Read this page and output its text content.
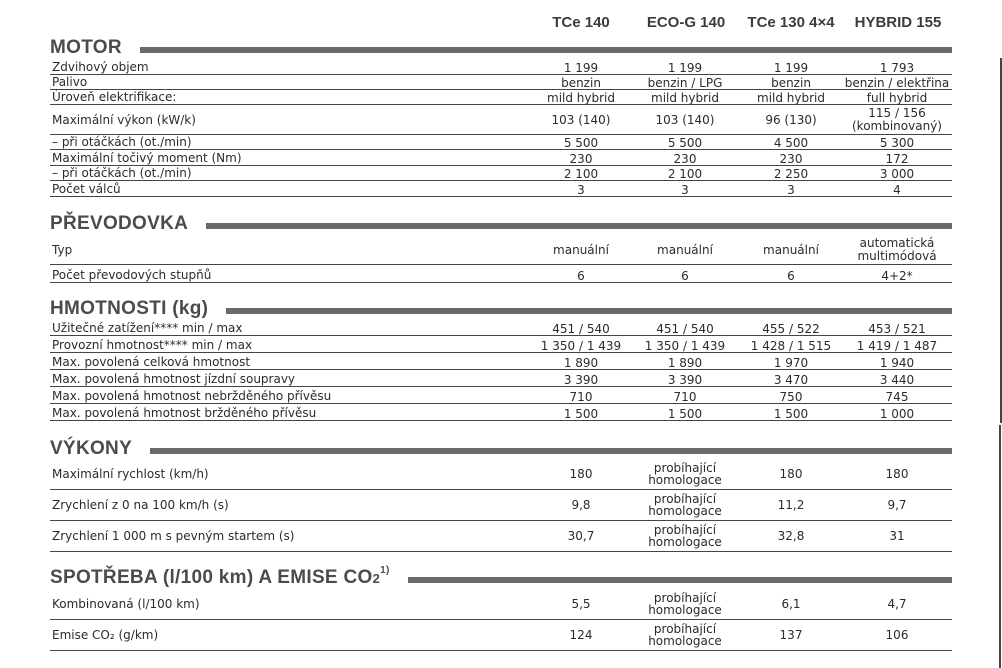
TCe 140	ECO-G 140	TCe 130 4×4	HYBRID 155
MOTOR
Zdvihový objem	1 199	1 199	1 199	1 793
Palivo	benzin	benzin / LPG	benzin	benzin / elektřina
Úroveň elektrifikace:	mild hybrid	mild hybrid	mild hybrid	full hybrid
Maximální výkon (kW/k)	103 (140)	103 (140)	96 (130)	115 / 156 (kombinovaný)
– při otáčkách (ot./min)	5 500	5 500	4 500	5 300
Maximální točivý moment (Nm)	230	230	230	172
– při otáčkách (ot./min)	2 100	2 100	2 250	3 000
Počet válců	3	3	3	4
PŘEVODOVKA
Typ	manuální	manuální	manuální	automatická multimódová
Počet převodových stupňů	6	6	6	4+2*
HMOTNOSTI (kg)
Užitečné zatížení**** min / max	451 / 540	451 / 540	455 / 522	453 / 521
Provozní hmotnost**** min / max	1 350 / 1 439	1 350 / 1 439	1 428 / 1 515	1 419 / 1 487
Max. povolená celková hmotnost	1 890	1 890	1 970	1 940
Max. povolená hmotnost jízdní soupravy	3 390	3 390	3 470	3 440
Max. povolená hmotnost nebržděného přívěsu	710	710	750	745
Max. povolená hmotnost bržděného přívěsu	1 500	1 500	1 500	1 000
VÝKONY
Maximální rychlost (km/h)	180	probíhající homologace	180	180
Zrychlení z 0 na 100 km/h (s)	9,8	probíhající homologace	11,2	9,7
Zrychlení 1 000 m s pevným startem (s)	30,7	probíhající homologace	32,8	31
SPOTŘEBA (l/100 km) A EMISE CO2$^{1)}$
Kombinovaná (l/100 km)	5,5	probíhající homologace	6,1	4,7
Emise CO₂ (g/km)	124	probíhající homologace	137	106
